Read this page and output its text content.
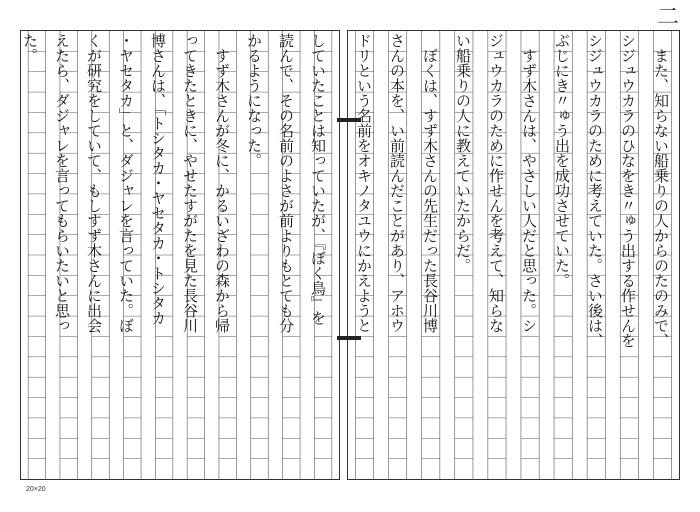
二
　また、知らない船乗りの人からのたのみで、
シジュウカラのひなをき〃ゅう出する作せんを
シジュウカラのために考えていた。さい後は、
ぶじにき〃ゅう出を成功させていた。
　すず木さんは、やさしい人だと思った。シ
ジュウカラのために作せんを考えて、知らな
い船乗りの人に教えていたからだ。
　ぼくは、すず木さんの先生だった長谷川博
さんの本を、い前読んだことがあり、アホウ
ドリという名前をオキノタユウにかえようと
していたことは知っていたが、『ぼく鳥』を
読んで、その名前のよさが前よりもとても分
かるようになった。
　すず木さんが冬に、かるいざわの森から帰
ってきたときに、やせたすがたを見た長谷川
博さんは、「トシタカ・ヤセタカ・トシタカ
・ヤセタカ」と、ダジャレを言っていた。ぼ
くが研究をしていて、もしすず木さんに出会
えたら、ダジャレを言ってもらいたいと思っ
た。
20×20
